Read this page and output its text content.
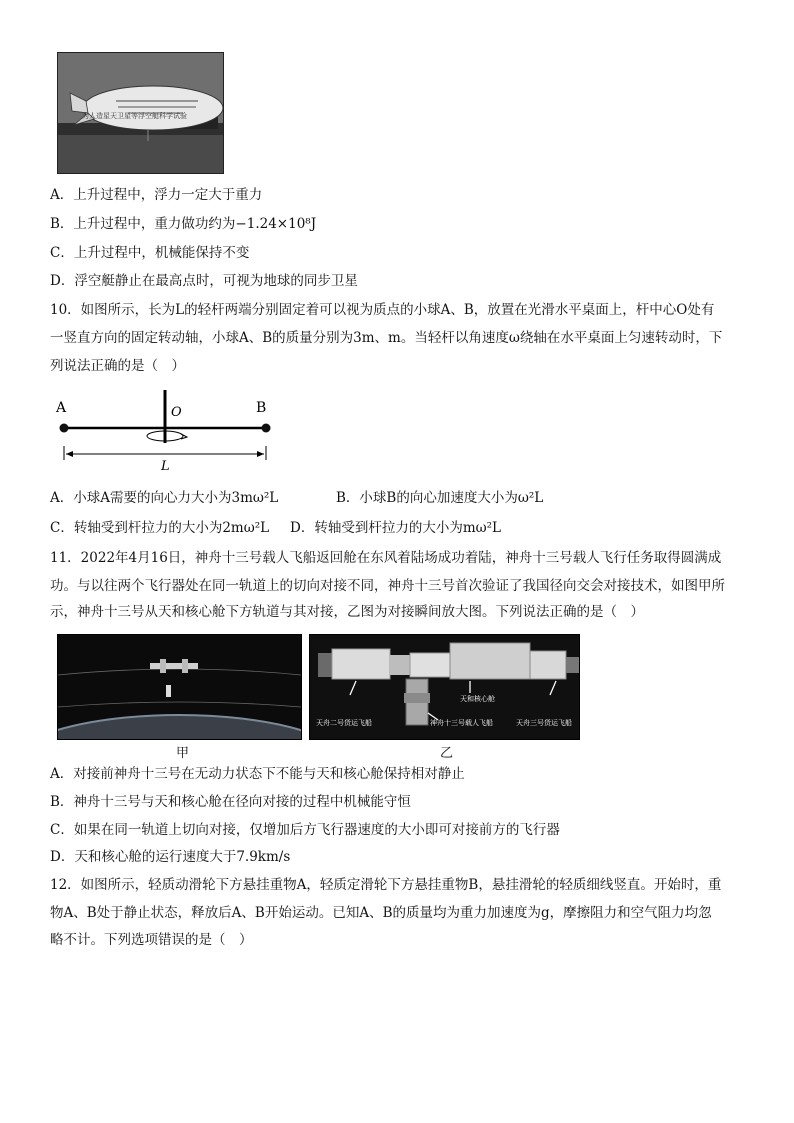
A．上升过程中，浮力一定大于重力
B．上升过程中，重力做功约为−1.24×10⁸J
C．上升过程中，机械能保持不变
D．浮空艇静止在最高点时，可视为地球的同步卫星
10．如图所示，长为L的轻杆两端分别固定着可以视为质点的小球A、B，放置在光滑水平桌面上，杆中心O处有
一竖直方向的固定转动轴，小球A、B的质量分别为3m、m。当轻杆以角速度ω绕轴在水平桌面上匀速转动时，下
列说法正确的是（　）
A	B
O
L
A．小球A需要的向心力大小为3mω²L	B．小球B的向心加速度大小为ω²L
C．转轴受到杆拉力的大小为2mω²L D．转轴受到杆拉力的大小为mω²L
11．2022年4月16日，神舟十三号载人飞船返回舱在东风着陆场成功着陆，神舟十三号载人飞行任务取得圆满成
功。与以往两个飞行器处在同一轨道上的切向对接不同，神舟十三号首次验证了我国径向交会对接技术，如图甲所
示，神舟十三号从天和核心舱下方轨道与其对接，乙图为对接瞬间放大图。下列说法正确的是（　）
甲
天和核心舱
天舟二号货运飞船	神舟十三号载人飞船	天舟三号货运飞船
乙
A．对接前神舟十三号在无动力状态下不能与天和核心舱保持相对静止
B．神舟十三号与天和核心舱在径向对接的过程中机械能守恒
C．如果在同一轨道上切向对接，仅增加后方飞行器速度的大小即可对接前方的飞行器
D．天和核心舱的运行速度大于7.9km/s
12．如图所示，轻质动滑轮下方悬挂重物A，轻质定滑轮下方悬挂重物B，悬挂滑轮的轻质细线竖直。开始时，重
物A、B处于静止状态，释放后A、B开始运动。已知A、B的质量均为重力加速度为g，摩擦阻力和空气阻力均忽
略不计。下列选项错误的是（　）
为人造星天卫星等浮空艇科学试验
